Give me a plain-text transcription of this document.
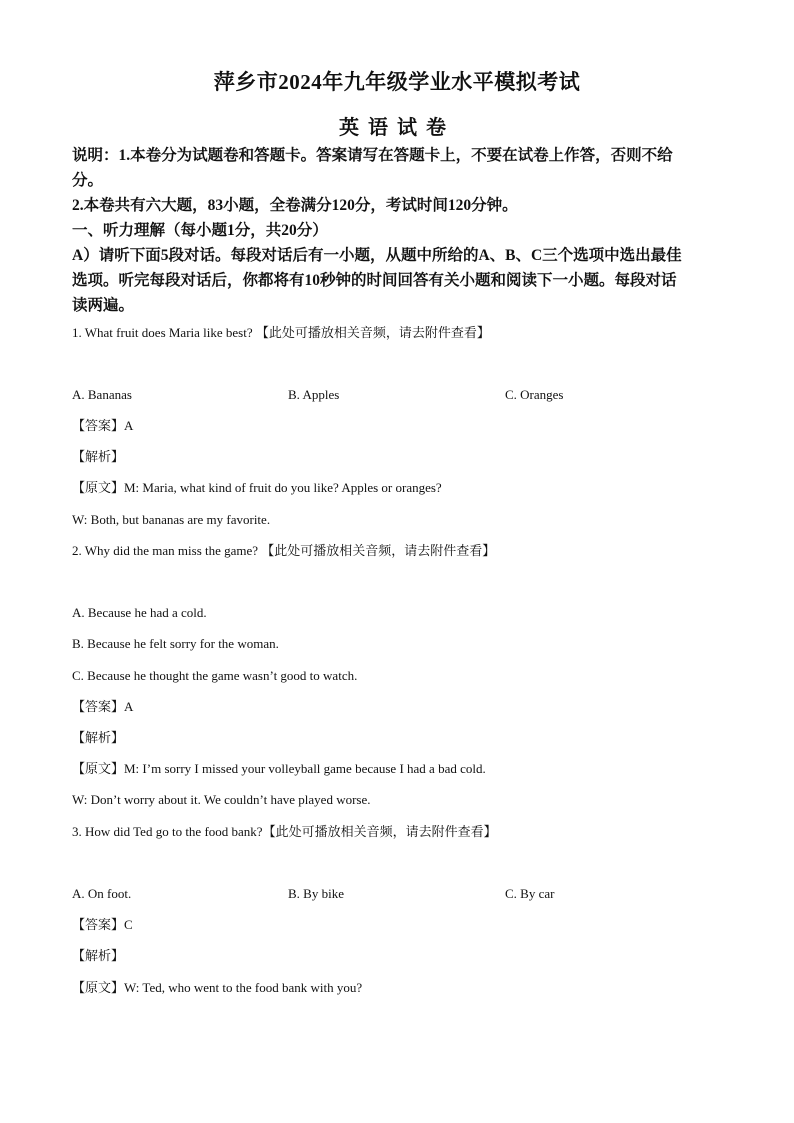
萍乡市2024年九年级学业水平模拟考试
英语试卷
说明：1.本卷分为试题卷和答题卡。答案请写在答题卡上，不要在试卷上作答，否则不给
分。
2.本卷共有六大题，83小题，全卷满分120分，考试时间120分钟。
一、听力理解（每小题1分，共20分）
A）请听下面5段对话。每段对话后有一小题，从题中所给的A、B、C三个选项中选出最佳
选项。听完每段对话后，你都将有10秒钟的时间回答有关小题和阅读下一小题。每段对话
读两遍。
1. What fruit does Maria like best? 【此处可播放相关音频，请去附件查看】
A. Bananas	B. Apples	C. Oranges
【答案】A
【解析】
【原文】M: Maria, what kind of fruit do you like? Apples or oranges?
W: Both, but bananas are my favorite.
2. Why did the man miss the game? 【此处可播放相关音频，请去附件查看】
A. Because he had a cold.
B. Because he felt sorry for the woman.
C. Because he thought the game wasn’t good to watch.
【答案】A
【解析】
【原文】M: I’m sorry I missed your volleyball game because I had a bad cold.
W: Don’t worry about it. We couldn’t have played worse.
3. How did Ted go to the food bank?【此处可播放相关音频，请去附件查看】
A. On foot.	B. By bike	C. By car
【答案】C
【解析】
【原文】W: Ted, who went to the food bank with you?
